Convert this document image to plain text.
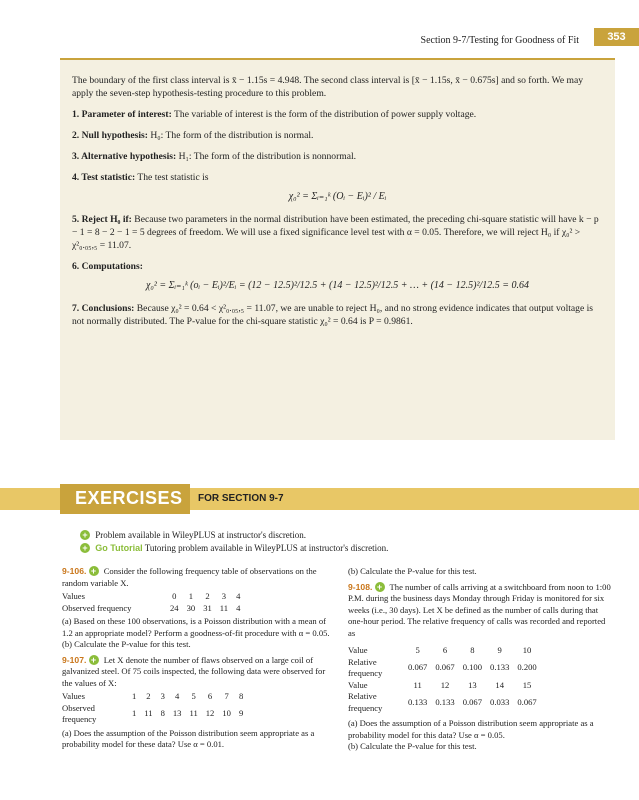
Section 9-7/Testing for Goodness of Fit	353

The boundary of the first class interval is x̄ − 1.15s = 4.948. The second class interval is [x̄ − 1.15s, x̄ − 0.675s] and so forth. We may apply the seven-step hypothesis-testing procedure to this problem.

1. Parameter of interest: The variable of interest is the form of the distribution of power supply voltage.
2. Null hypothesis: H₀: The form of the distribution is normal.
3. Alternative hypothesis: H₁: The form of the distribution is nonnormal.
4. Test statistic: The test statistic is
χ₀² = Σᵢ₌₁ᵏ (Oᵢ − Eᵢ)² / Eᵢ
5. Reject H₀ if: Because two parameters in the normal distribution have been estimated, the preceding chi-square statistic will have k − p − 1 = 8 − 2 − 1 = 5 degrees of freedom. We will use a fixed significance level test with α = 0.05. Therefore, we will reject H₀ if χ₀² > χ²₀.₀₅,₅ = 11.07.
6. Computations:
χ₀² = Σᵢ₌₁ᵏ (oᵢ − Eᵢ)²/Eᵢ = (12 − 12.5)²/12.5 + (14 − 12.5)²/12.5 + … + (14 − 12.5)²/12.5 = 0.64
7. Conclusions: Because χ₀² = 0.64 < χ²₀.₀₅,₅ = 11.07, we are unable to reject H₀, and no strong evidence indicates that output voltage is not normally distributed. The P-value for the chi-square statistic χ₀² = 0.64 is P = 0.9861.
EXERCISES FOR SECTION 9-7
+ Problem available in WileyPLUS at instructor's discretion.
+ Go Tutorial Tutoring problem available in WileyPLUS at instructor's discretion.

9-106. + Consider the following frequency table of observations on the random variable X.

Values	0	1	2	3	4
Observed frequency	24	30	31	11	4

(a) Based on these 100 observations, is a Poisson distribution with a mean of 1.2 an appropriate model? Perform a goodness-of-fit procedure with α = 0.05.

(b) Calculate the P-value for this test.

9-107. + Let X denote the number of flaws observed on a large coil of galvanized steel. Of 75 coils inspected, the following data were observed for the values of X:

Values	1	2	3	4	5	6	7	8
Observed frequency	1	11	8	13	11	12	10	9

(a) Does the assumption of the Poisson distribution seem appropriate as a probability model for these data? Use α = 0.01.

(b) Calculate the P-value for this test.

9-108. + The number of calls arriving at a switchboard from noon to 1:00 P.M. during the business days Monday through Friday is monitored for six weeks (i.e., 30 days). Let X be defined as the number of calls during that one-hour period. The relative frequency of calls was recorded and reported as

Value	5	6	8	9	10
Relative frequency	0.067	0.067	0.100	0.133	0.200
Value	11	12	13	14	15
Relative frequency	0.133	0.133	0.067	0.033	0.067

(a) Does the assumption of a Poisson distribution seem appropriate as a probability model for this data? Use α = 0.05.

(b) Calculate the P-value for this test.
